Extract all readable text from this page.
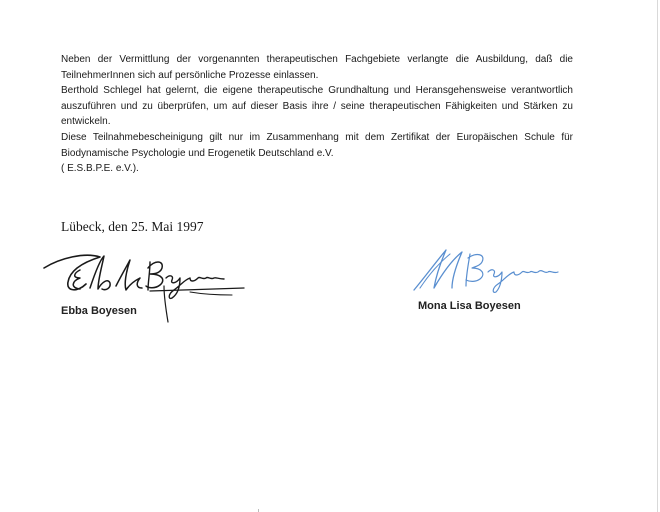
Neben der Vermittlung der vorgenannten therapeutischen Fachgebiete verlangte die Ausbildung, daß die TeilnehmerInnen sich auf persönliche Prozesse einlassen.

Berthold Schlegel hat gelernt, die eigene therapeutische Grundhaltung und Heransgehensweise verantwortlich auszuführen und zu überprüfen, um auf dieser Basis ihre / seine therapeutischen Fähigkeiten und Stärken zu entwickeln.

Diese Teilnahmebescheinigung gilt nur im Zusammenhang mit dem Zertifikat der Europäischen Schule für Biodynamische Psychologie und Erogenetik Deutschland e.V.

( E.S.B.P.E. e.V.).

Lübeck, den 25. Mai 1997

Ebba Boyesen	Mona Lisa Boyesen
